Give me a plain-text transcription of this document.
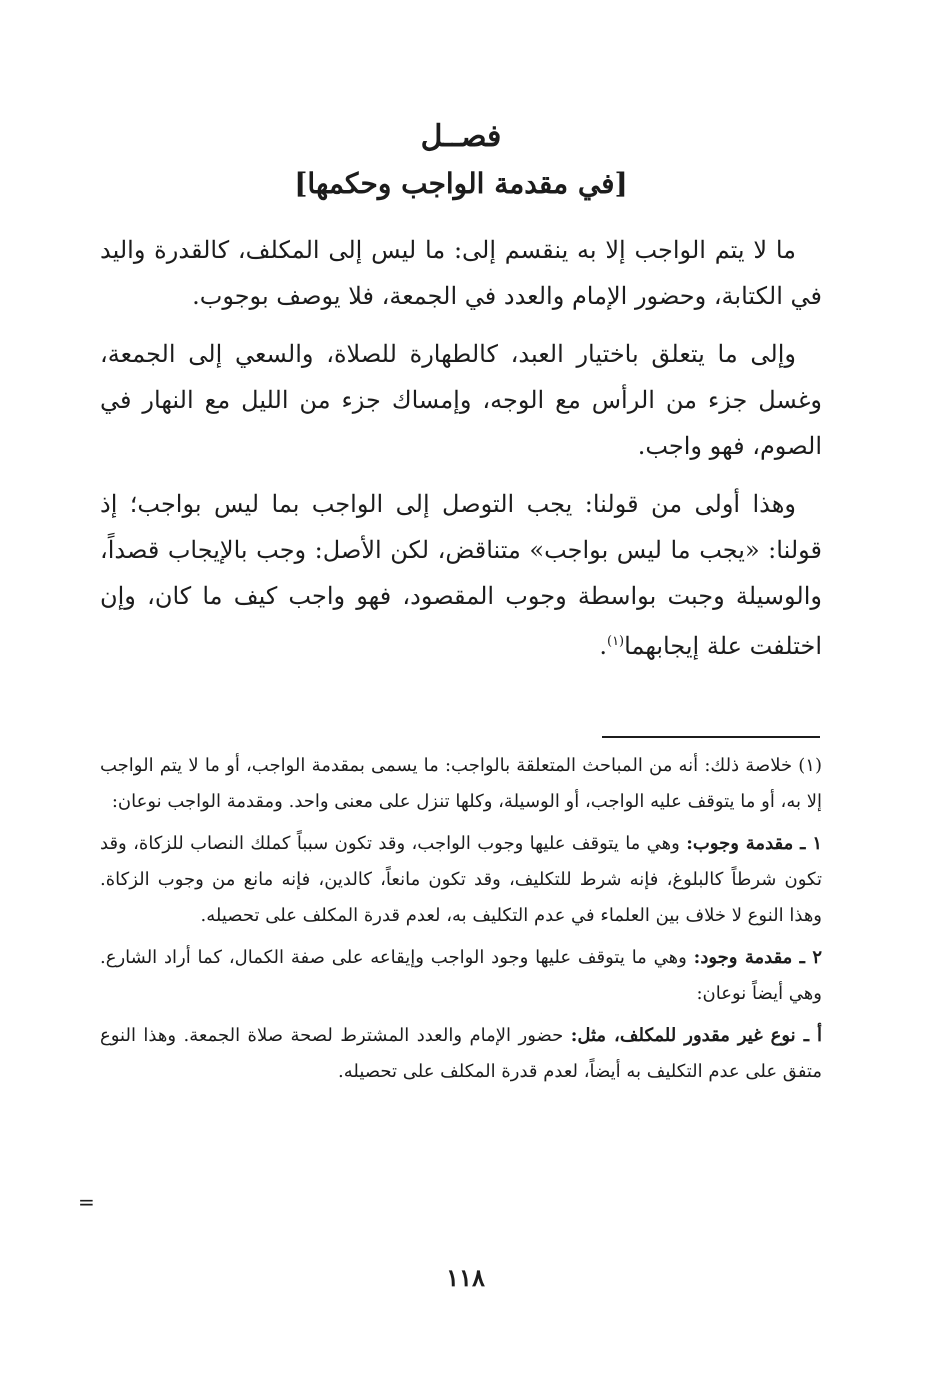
فصــل
[في مقدمة الواجب وحكمها]

ما لا يتم الواجب إلا به ينقسم إلى: ما ليس إلى المكلف، كالقدرة واليد في الكتابة، وحضور الإمام والعدد في الجمعة، فلا يوصف بوجوب.

وإلى ما يتعلق باختيار العبد، كالطهارة للصلاة، والسعي إلى الجمعة، وغسل جزء من الرأس مع الوجه، وإمساك جزء من الليل مع النهار في الصوم، فهو واجب.

وهذا أولى من قولنا: يجب التوصل إلى الواجب بما ليس بواجب؛ إذ قولنا: «يجب ما ليس بواجب» متناقض، لكن الأصل: وجب بالإيجاب قصداً، والوسيلة وجبت بواسطة وجوب المقصود، فهو واجب كيف ما كان، وإن اختلفت علة إيجابهما$^{(١)}$.

(١) خلاصة ذلك: أنه من المباحث المتعلقة بالواجب: ما يسمى بمقدمة الواجب، أو ما لا يتم الواجب إلا به، أو ما يتوقف عليه الواجب، أو الوسيلة، وكلها تنزل على معنى واحد. ومقدمة الواجب نوعان:

١ ـ مقدمة وجوب: وهي ما يتوقف عليها وجوب الواجب، وقد تكون سبباً كملك النصاب للزكاة، وقد تكون شرطاً كالبلوغ، فإنه شرط للتكليف، وقد تكون مانعاً، كالدين، فإنه مانع من وجوب الزكاة. وهذا النوع لا خلاف بين العلماء في عدم التكليف به، لعدم قدرة المكلف على تحصيله.

٢ ـ مقدمة وجود: وهي ما يتوقف عليها وجود الواجب وإيقاعه على صفة الكمال، كما أراد الشارع. وهي أيضاً نوعان:

أ ـ نوع غير مقدور للمكلف، مثل: حضور الإمام والعدد المشترط لصحة صلاة الجمعة. وهذا النوع متفق على عدم التكليف به أيضاً، لعدم قدرة المكلف على تحصيله.

=
١١٨
